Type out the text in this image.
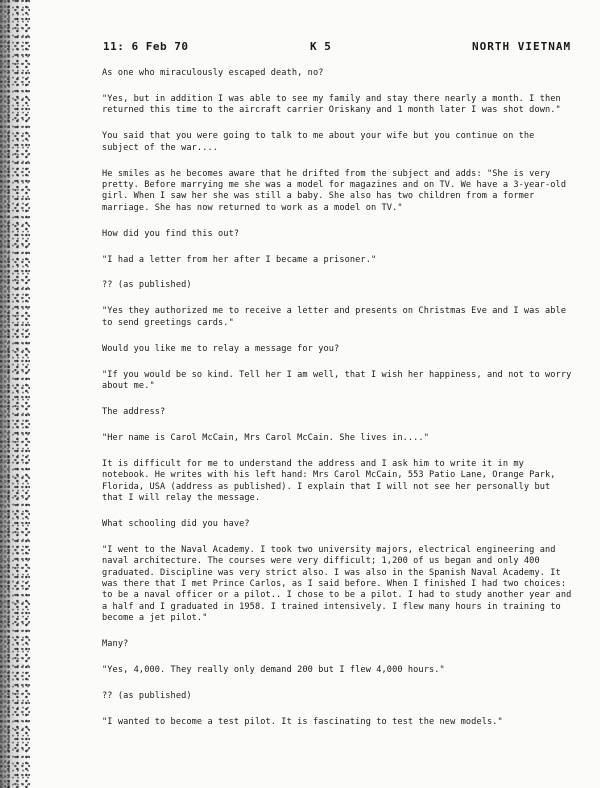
11: 6 Feb 70	K 5	NORTH VIETNAM

As one who miraculously escaped death, no?

"Yes, but in addition I was able to see my family and stay there nearly a month. I then returned this time to the aircraft carrier Oriskany and 1 month later I was shot down."

You said that you were going to talk to me about your wife but you continue on the subject of the war....

He smiles as he becomes aware that he drifted from the subject and adds: "She is very pretty. Before marrying me she was a model for magazines and on TV. We have a 3-year-old girl. When I saw her she was still a baby. She also has two children from a former marriage. She has now returned to work as a model on TV."

How did you find this out?

"I had a letter from her after I became a prisoner."

?? (as published)

"Yes they authorized me to receive a letter and presents on Christmas Eve and I was able to send greetings cards."

Would you like me to relay a message for you?

"If you would be so kind. Tell her I am well, that I wish her happiness, and not to worry about me."

The address?

"Her name is Carol McCain, Mrs Carol McCain. She lives in...."

It is difficult for me to understand the address and I ask him to write it in my notebook. He writes with his left hand: Mrs Carol McCain, 553 Patio Lane, Orange Park, Florida, USA (address as published). I explain that I will not see her personally but that I will relay the message.

What schooling did you have?

"I went to the Naval Academy. I took two university majors, electrical engineering and naval architecture. The courses were very difficult; 1,200 of us began and only 400 graduated. Discipline was very strict also. I was also in the Spanish Naval Academy. It was there that I met Prince Carlos, as I said before. When I finished I had two choices: to be a naval officer or a pilot.. I chose to be a pilot. I had to study another year and a half and I graduated in 1958. I trained intensively. I flew many hours in training to become a jet pilot."

Many?

"Yes, 4,000. They really only demand 200 but I flew 4,000 hours."

?? (as published)

"I wanted to become a test pilot. It is fascinating to test the new models."
